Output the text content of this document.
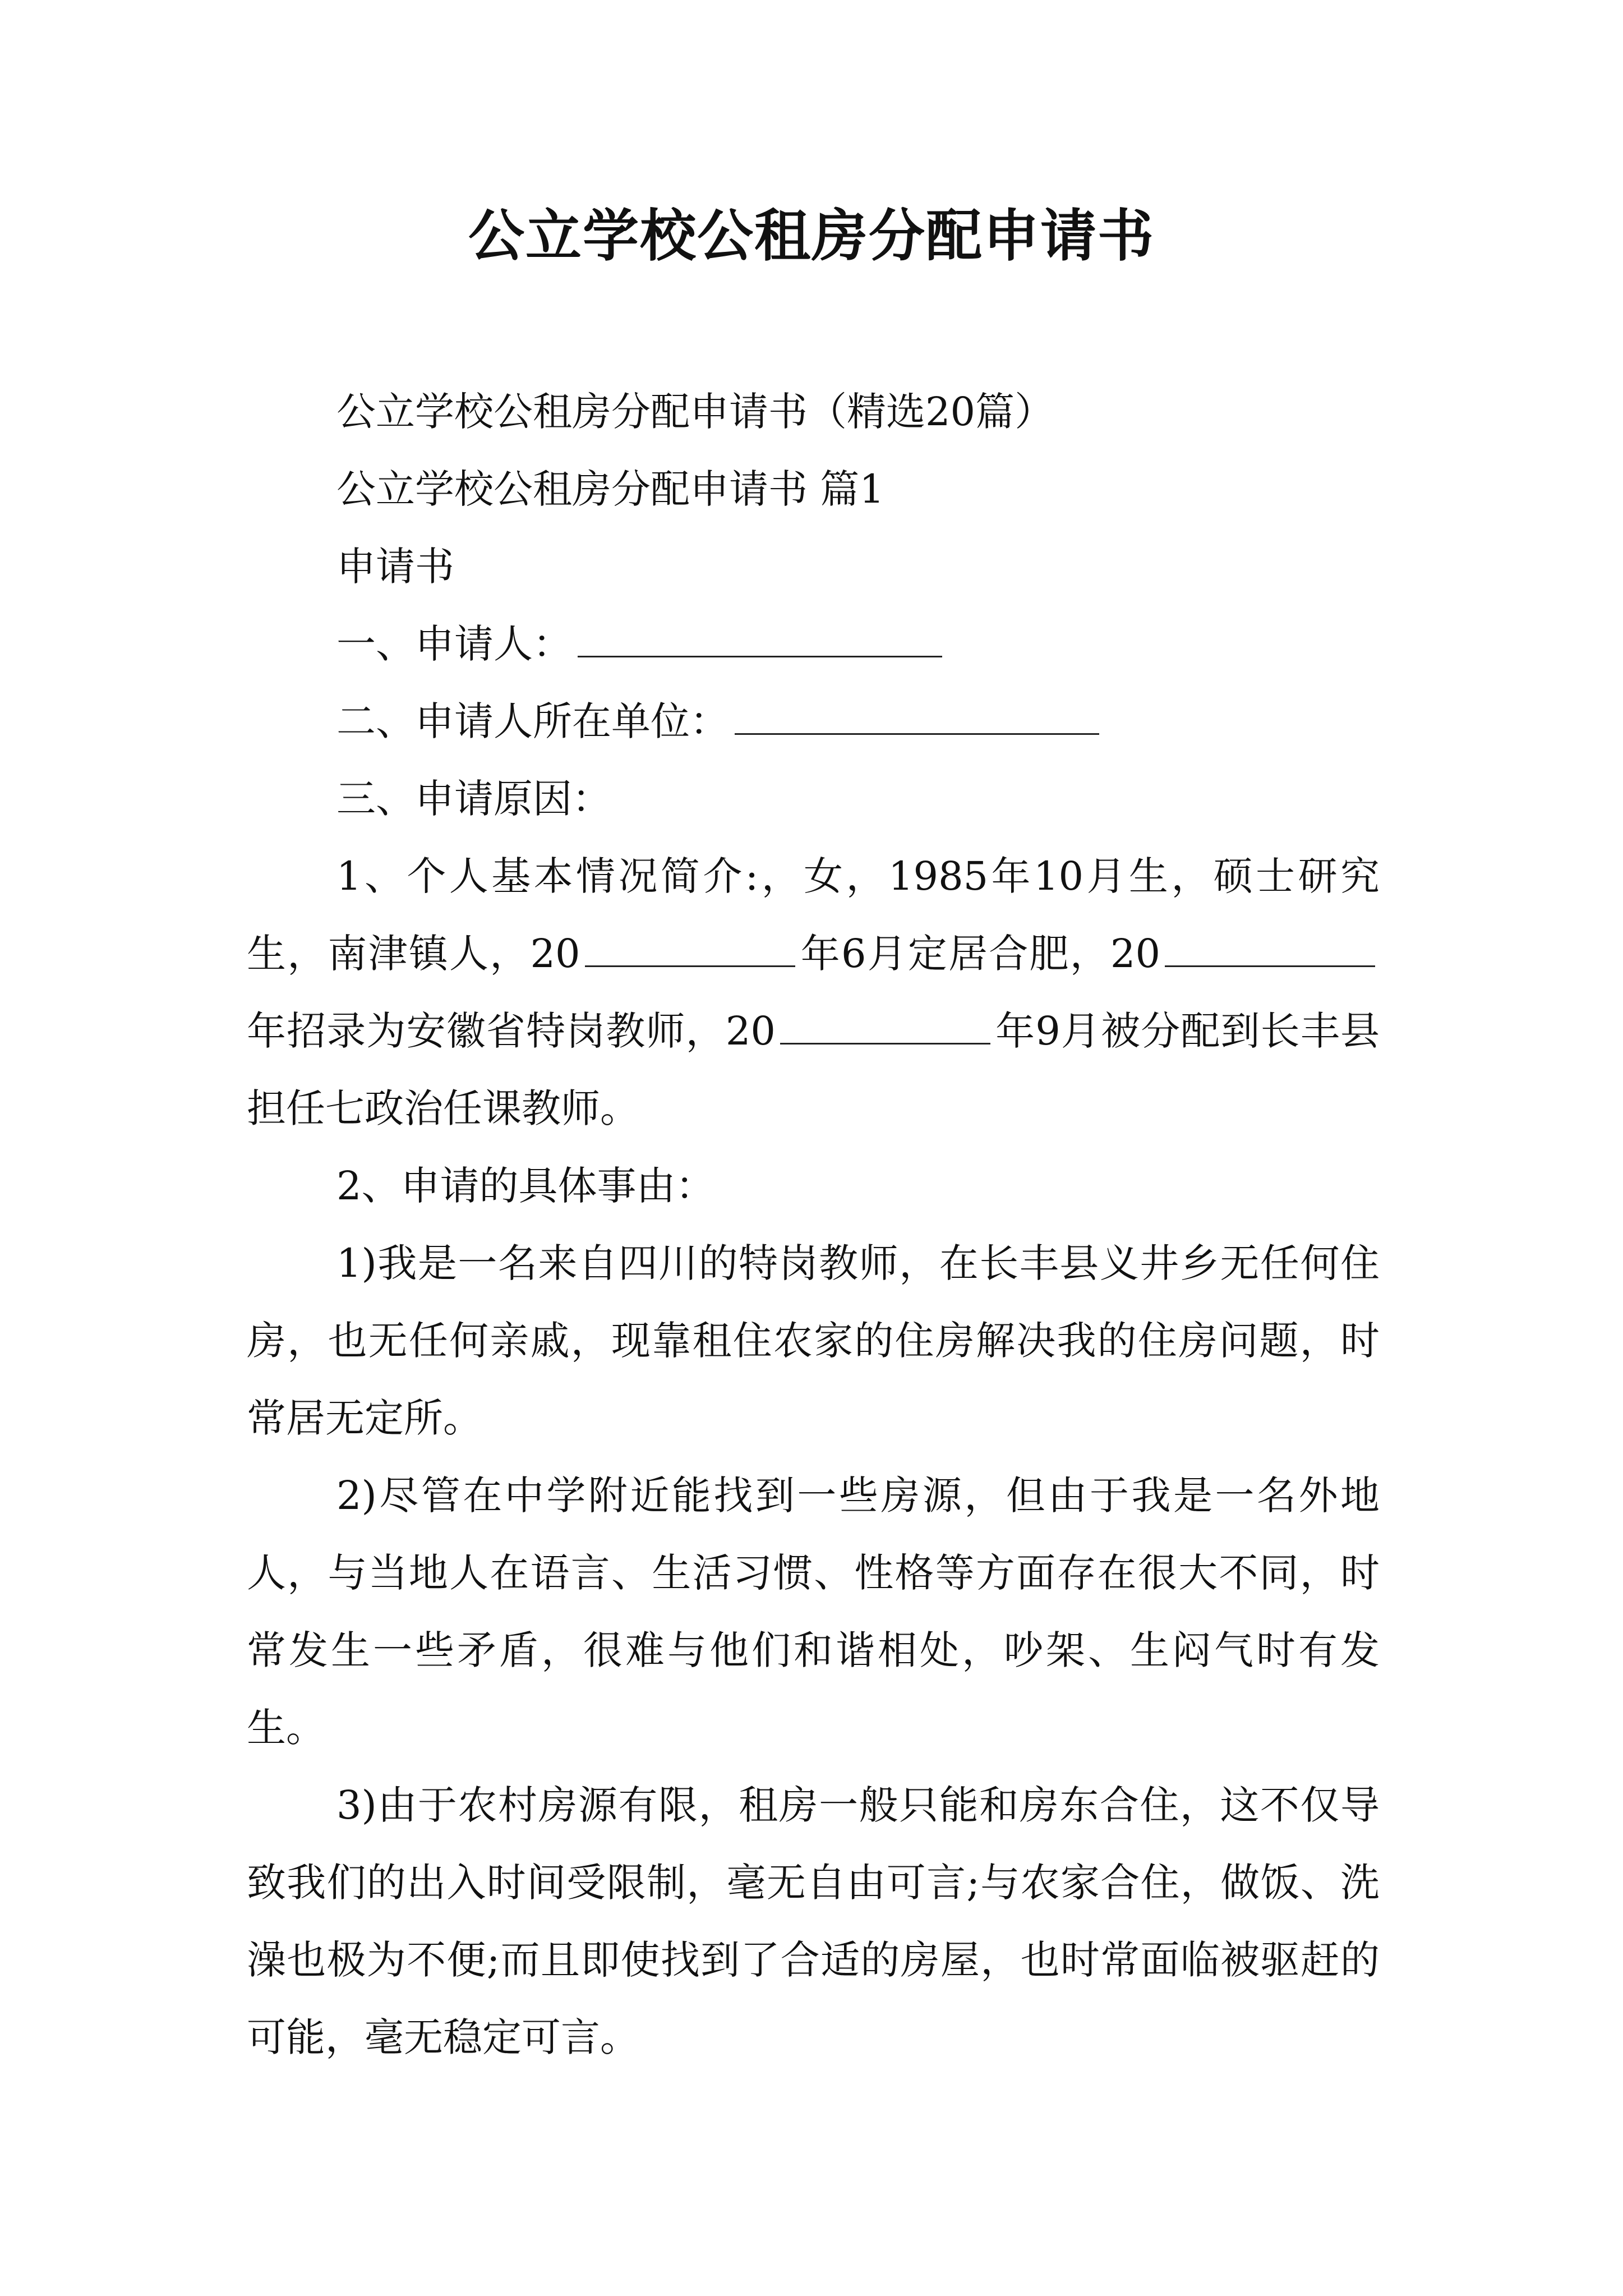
公立学校公租房分配申请书

公立学校公租房分配申请书（精选20篇）

公立学校公租房分配申请书 篇1

申请书

一、申请人：

二、申请人所在单位：

三、申请原因：

1、个人基本情况简介:，女，1985年10月生，硕士研究生，南津镇人，20	年6月定居合肥，20年招录为安徽省特岗教师，20	年9月被分配到长丰县担任七政治任课教师。

2、申请的具体事由：

1)我是一名来自四川的特岗教师，在长丰县义井乡无任何住房，也无任何亲戚，现靠租住农家的住房解决我的住房问题，时常居无定所。

2)尽管在中学附近能找到一些房源，但由于我是一名外地人，与当地人在语言、生活习惯、性格等方面存在很大不同，时常发生一些矛盾，很难与他们和谐相处，吵架、生闷气时有发生。

3)由于农村房源有限，租房一般只能和房东合住，这不仅导致我们的出入时间受限制，毫无自由可言;与农家合住，做饭、洗澡也极为不便;而且即使找到了合适的房屋，也时常面临被驱赶的可能，毫无稳定可言。
